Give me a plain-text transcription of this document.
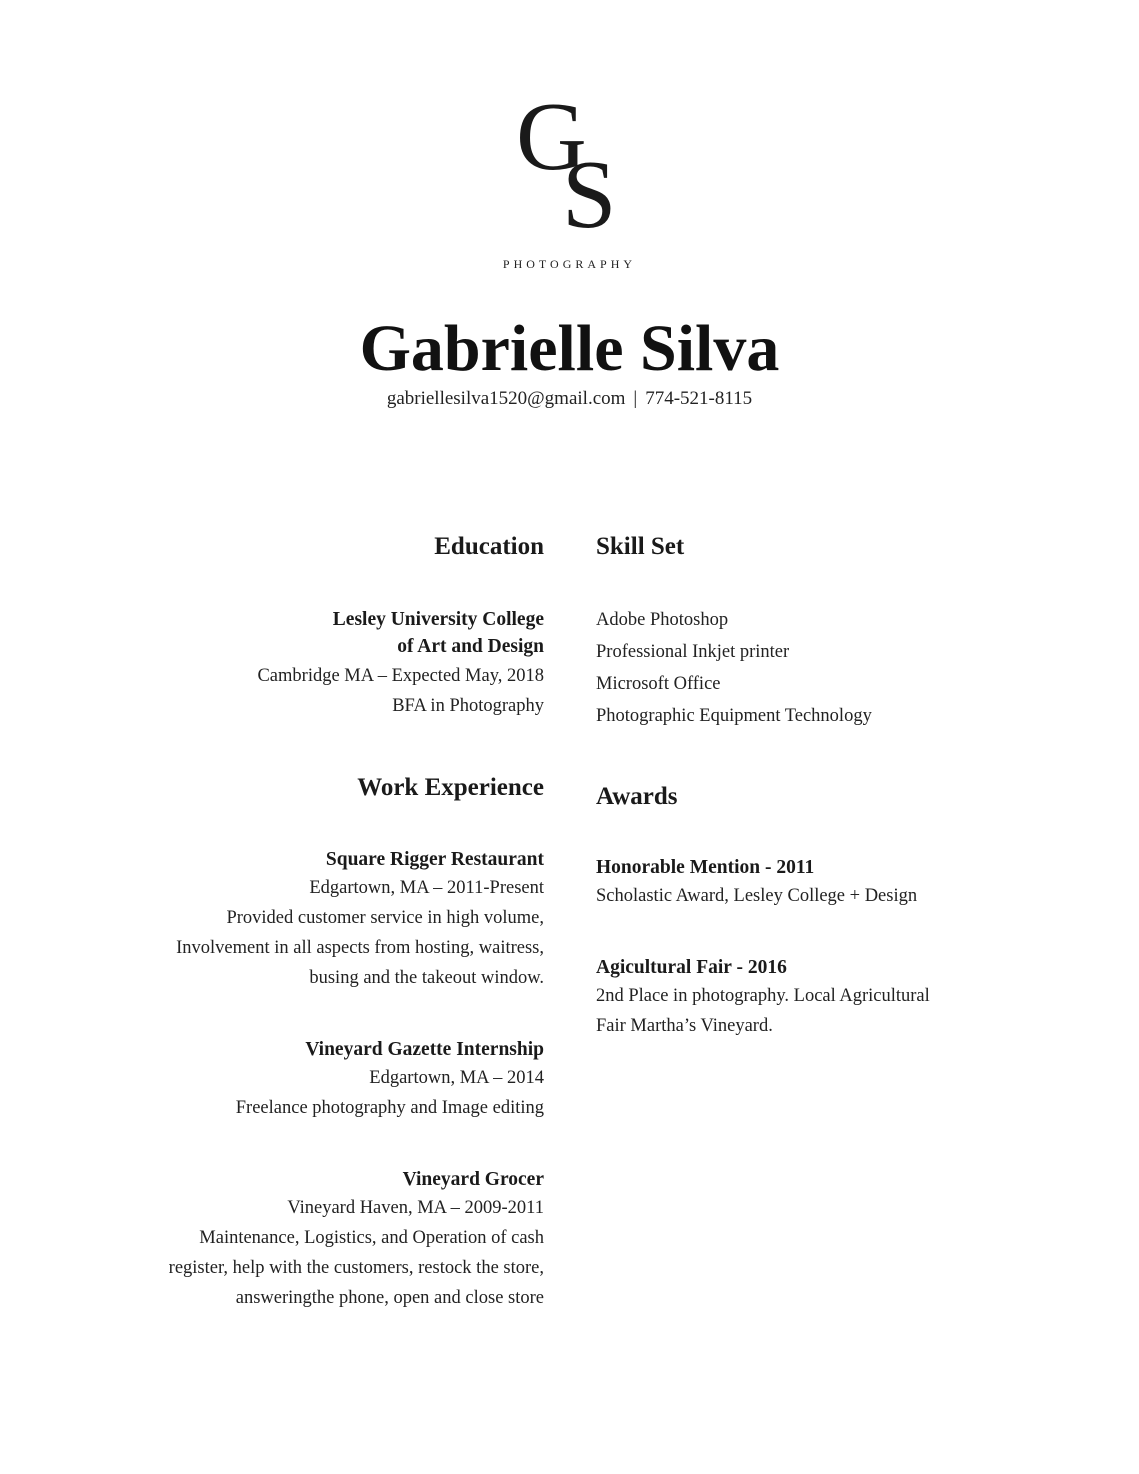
G
S
PHOTOGRAPHY
Gabrielle Silva
gabriellesilva1520@gmail.com | 774-521-8115
Education

Lesley University College

of Art and Design

Cambridge MA – Expected May, 2018

BFA in Photography

Work Experience

Square Rigger Restaurant

Edgartown, MA – 2011-Present

Provided customer service in high volume,

Involvement in all aspects from hosting, waitress,

busing and the takeout window.

Vineyard Gazette Internship

Edgartown, MA – 2014

Freelance photography and Image editing

Vineyard Grocer

Vineyard Haven, MA – 2009-2011

Maintenance, Logistics, and Operation of cash

register, help with the customers, restock the store,

answeringthe phone, open and close store

Skill Set

Adobe Photoshop

Professional Inkjet printer

Microsoft Office

Photographic Equipment Technology

Awards

Honorable Mention - 2011

Scholastic Award, Lesley College + Design

Agicultural Fair - 2016

2nd Place in photography. Local Agricultural

Fair Martha’s Vineyard.
